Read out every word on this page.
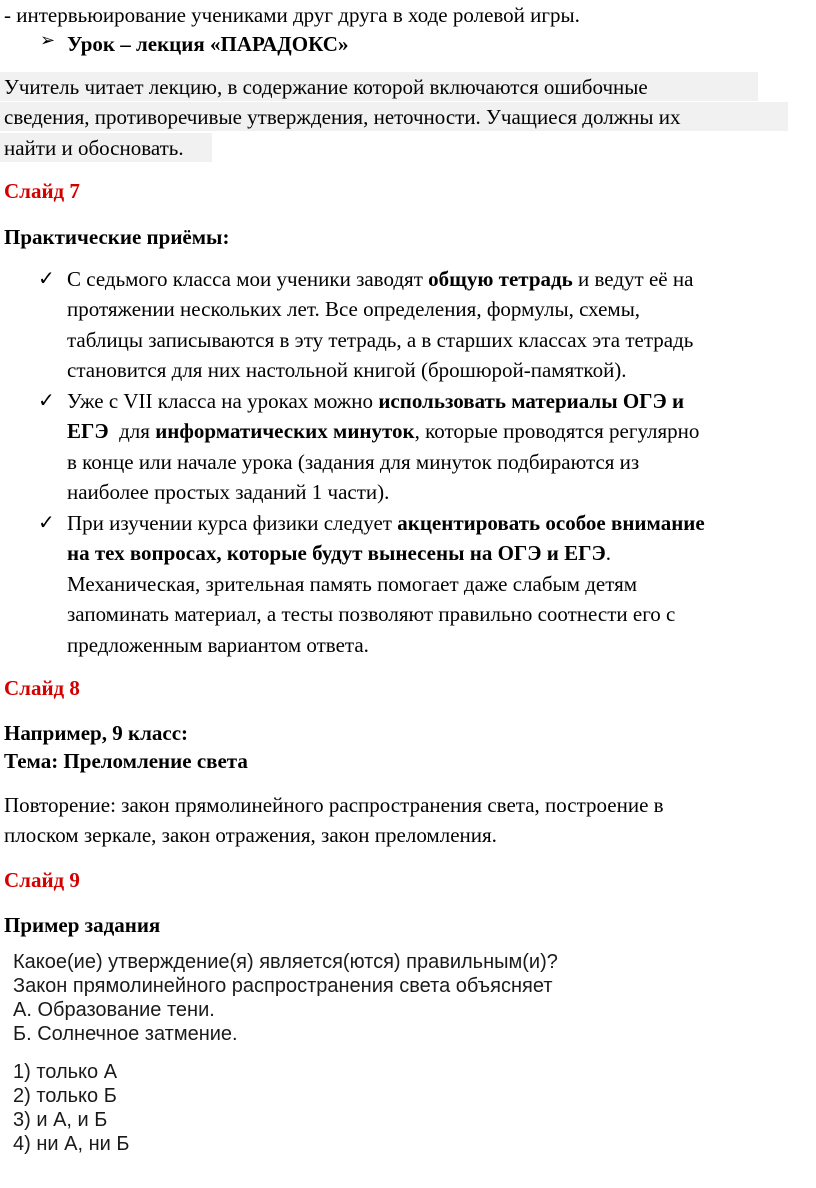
- интервьюирование учениками друг друга в ходе ролевой игры.
➢ Урок – лекция «ПАРАДОКС»
Учитель читает лекцию, в содержание которой включаются ошибочные
сведения, противоречивые утверждения, неточности. Учащиеся должны их
найти и обосновать.
Слайд 7
Практические приёмы:
✓ С седьмого класса мои ученики заводят общую тетрадь и ведут её на
протяжении нескольких лет. Все определения, формулы, схемы,
таблицы записываются в эту тетрадь, а в старших классах эта тетрадь
становится для них настольной книгой (брошюрой-памяткой).
✓ Уже с VII класса на уроках можно использовать материалы ОГЭ и
ЕГЭ  для информатических минуток, которые проводятся регулярно
в конце или начале урока (задания для минуток подбираются из
наиболее простых заданий 1 части).
✓ При изучении курса физики следует акцентировать особое внимание
на тех вопросах, которые будут вынесены на ОГЭ и ЕГЭ.
Механическая, зрительная память помогает даже слабым детям
запоминать материал, а тесты позволяют правильно соотнести его с
предложенным вариантом ответа.
Слайд 8
Например, 9 класс:
Тема: Преломление света
Повторение: закон прямолинейного распространения света, построение в
плоском зеркале, закон отражения, закон преломления.
Слайд 9
Пример задания
Какое(ие) утверждение(я) является(ются) правильным(и)?
Закон прямолинейного распространения света объясняет
А. Образование тени.
Б. Солнечное затмение.
1) только А
2) только Б
3) и А, и Б
4) ни А, ни Б
